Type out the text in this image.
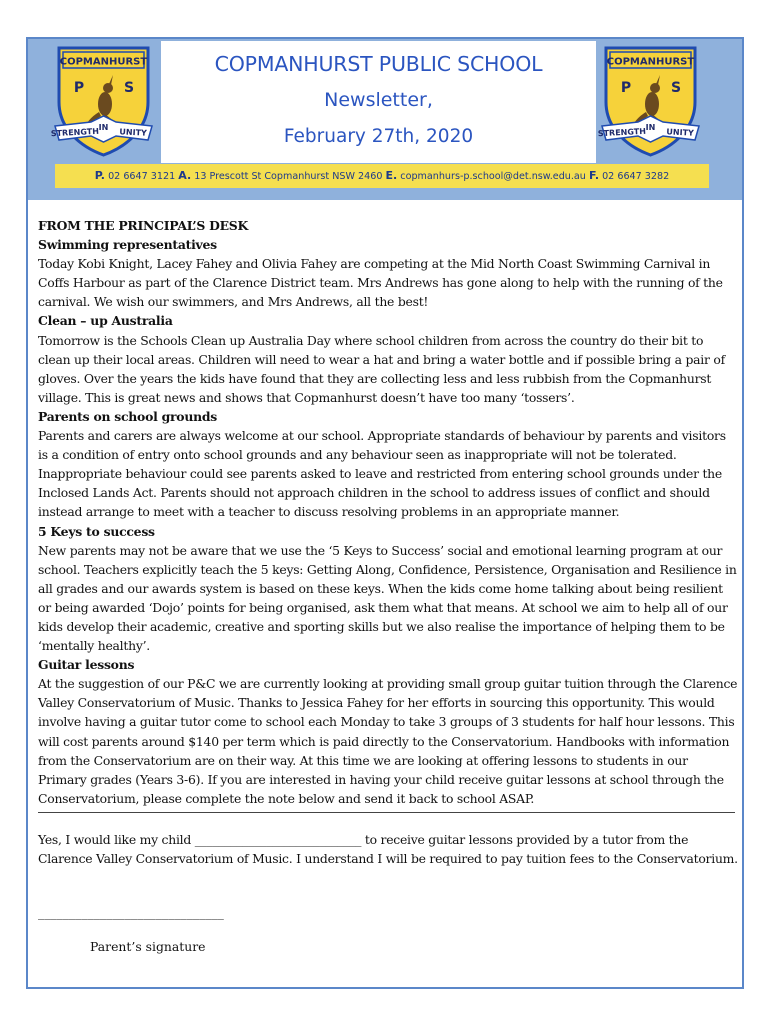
COPMANHURST
P	S
STRENGTH IN UNITY
COPMANHURST
P	S
STRENGTH IN UNITY
COPMANHURST PUBLIC SCHOOL
Newsletter,
February 27th, 2020
P. 02 6647 3121 A. 13 Prescott St Copmanhurst NSW 2460 E. copmanhurs-p.school@det.nsw.edu.au F. 02 6647 3282

FROM THE PRINCIPAL’S DESK

Swimming representatives

Today Kobi Knight, Lacey Fahey and Olivia Fahey are competing at the Mid North Coast Swimming Carnival in Coffs Harbour as part of the Clarence District team. Mrs Andrews has gone along to help with the running of the carnival. We wish our swimmers, and Mrs Andrews, all the best!

Clean – up Australia

Tomorrow is the Schools Clean up Australia Day where school children from across the country do their bit to clean up their local areas. Children will need to wear a hat and bring a water bottle and if possible bring a pair of gloves. Over the years the kids have found that they are collecting less and less rubbish from the Copmanhurst village. This is great news and shows that Copmanhurst doesn’t have too many ‘tossers’.

Parents on school grounds

Parents and carers are always welcome at our school. Appropriate standards of behaviour by parents and visitors is a condition of entry onto school grounds and any behaviour seen as inappropriate will not be tolerated. Inappropriate behaviour could see parents asked to leave and restricted from entering school grounds under the Inclosed Lands Act. Parents should not approach children in the school to address issues of conflict and should instead arrange to meet with a teacher to discuss resolving problems in an appropriate manner.

5 Keys to success

New parents may not be aware that we use the ‘5 Keys to Success’ social and emotional learning program at our school. Teachers explicitly teach the 5 keys: Getting Along, Confidence, Persistence, Organisation and Resilience in all grades and our awards system is based on these keys. When the kids come home talking about being resilient or being awarded ‘Dojo’ points for being organised, ask them what that means. At school we aim to help all of our kids develop their academic, creative and sporting skills but we also realise the importance of helping them to be ‘mentally healthy’.

Guitar lessons

At the suggestion of our P&C we are currently looking at providing small group guitar tuition through the Clarence Valley Conservatorium of Music. Thanks to Jessica Fahey for her efforts in sourcing this opportunity. This would involve having a guitar tutor come to school each Monday to take 3 groups of 3 students for half hour lessons. This will cost parents around $140 per term which is paid directly to the Conservatorium. Handbooks with information from the Conservatorium are on their way. At this time we are looking at offering lessons to students in our Primary grades (Years 3-6). If you are interested in having your child receive guitar lessons at school through the Conservatorium, please complete the note below and send it back to school ASAP.

Yes, I would like my child ____________________________ to receive guitar lessons provided by a tutor from the Clarence Valley Conservatorium of Music. I understand I will be required to pay tuition fees to the Conservatorium.
______________________________
Parent’s signature
